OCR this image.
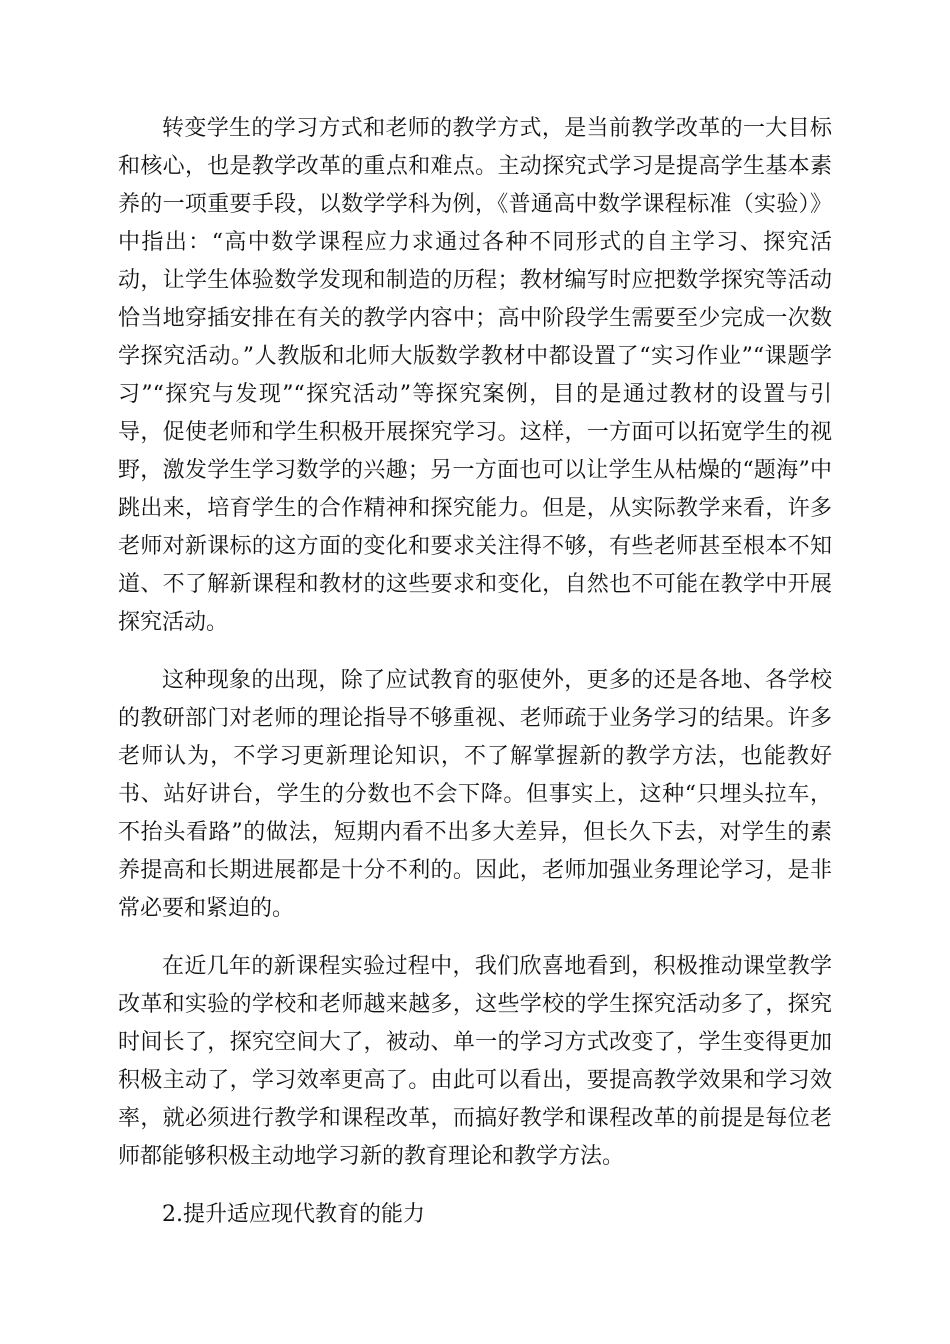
转变学生的学习方式和老师的教学方式，是当前教学改革的一大目标和核心，也是教学改革的重点和难点。主动探究式学习是提高学生基本素养的一项重要手段，以数学学科为例，《普通高中数学课程标准（实验）》中指出：“高中数学课程应力求通过各种不同形式的自主学习、探究活动，让学生体验数学发现和制造的历程；教材编写时应把数学探究等活动恰当地穿插安排在有关的教学内容中；高中阶段学生需要至少完成一次数学探究活动。”人教版和北师大版数学教材中都设置了“实习作业”“课题学习”“探究与发现”“探究活动”等探究案例，目的是通过教材的设置与引导，促使老师和学生积极开展探究学习。这样，一方面可以拓宽学生的视野，激发学生学习数学的兴趣；另一方面也可以让学生从枯燥的“题海”中跳出来，培育学生的合作精神和探究能力。但是，从实际教学来看，许多老师对新课标的这方面的变化和要求关注得不够，有些老师甚至根本不知道、不了解新课程和教材的这些要求和变化，自然也不可能在教学中开展探究活动。

这种现象的出现，除了应试教育的驱使外，更多的还是各地、各学校的教研部门对老师的理论指导不够重视、老师疏于业务学习的结果。许多老师认为，不学习更新理论知识，不了解掌握新的教学方法，也能教好书、站好讲台，学生的分数也不会下降。但事实上，这种“只埋头拉车，不抬头看路”的做法，短期内看不出多大差异，但长久下去，对学生的素养提高和长期进展都是十分不利的。因此，老师加强业务理论学习，是非常必要和紧迫的。

在近几年的新课程实验过程中，我们欣喜地看到，积极推动课堂教学改革和实验的学校和老师越来越多，这些学校的学生探究活动多了，探究时间长了，探究空间大了，被动、单一的学习方式改变了，学生变得更加积极主动了，学习效率更高了。由此可以看出，要提高教学效果和学习效率，就必须进行教学和课程改革，而搞好教学和课程改革的前提是每位老师都能够积极主动地学习新的教育理论和教学方法。

2.提升适应现代教育的能力
